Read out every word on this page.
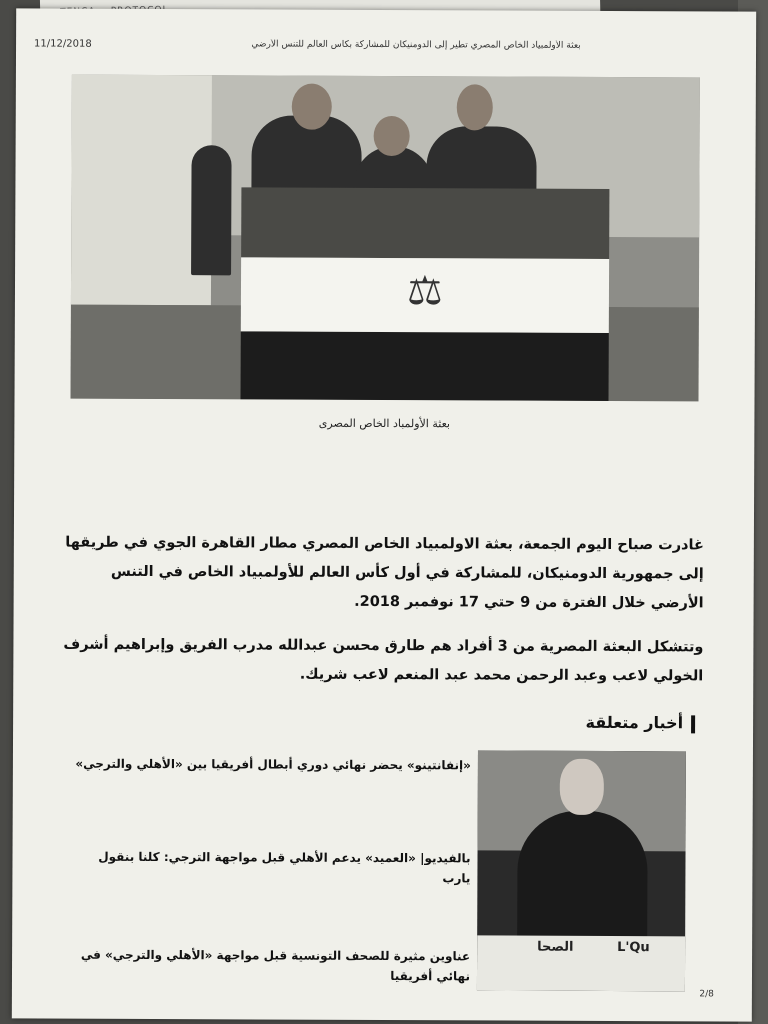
11/12/2018	بعثة الأولمبياد الخاص المصري تطير إلى الدومنيكان للمشاركة بكأس العالم للتنس الأرضي
⚖
بعثة الأولمباد الخاص المصرى
غادرت صباح اليوم الجمعة، بعثة الاولمبياد الخاص المصري مطار القاهرة الجوي في طريقها إلى جمهورية الدومنيكان، للمشاركة في أول كأس العالم للأولمبياد الخاص في التنس الأرضي خلال الفترة من 9 حتي 17 نوفمبر 2018.
وتتشكل البعثة المصرية من 3 أفراد هم طارق محسن عبدالله مدرب الفريق وإبراهيم أشرف الخولي لاعب وعبد الرحمن محمد عبد المنعم لاعب شريك.
أخبار متعلقة
الصحا	L'Qu
«إنفانتينو» يحضر نهائي دوري أبطال أفريقيا بين «الأهلي والترجي»
بالفيديو| «العميد» يدعم الأهلي قبل مواجهة الترجي: كلنا بنقول يارب
عناوين مثيرة للصحف التونسية قبل مواجهة «الأهلي والترجي» في نهائي أفريقيا
2/8
